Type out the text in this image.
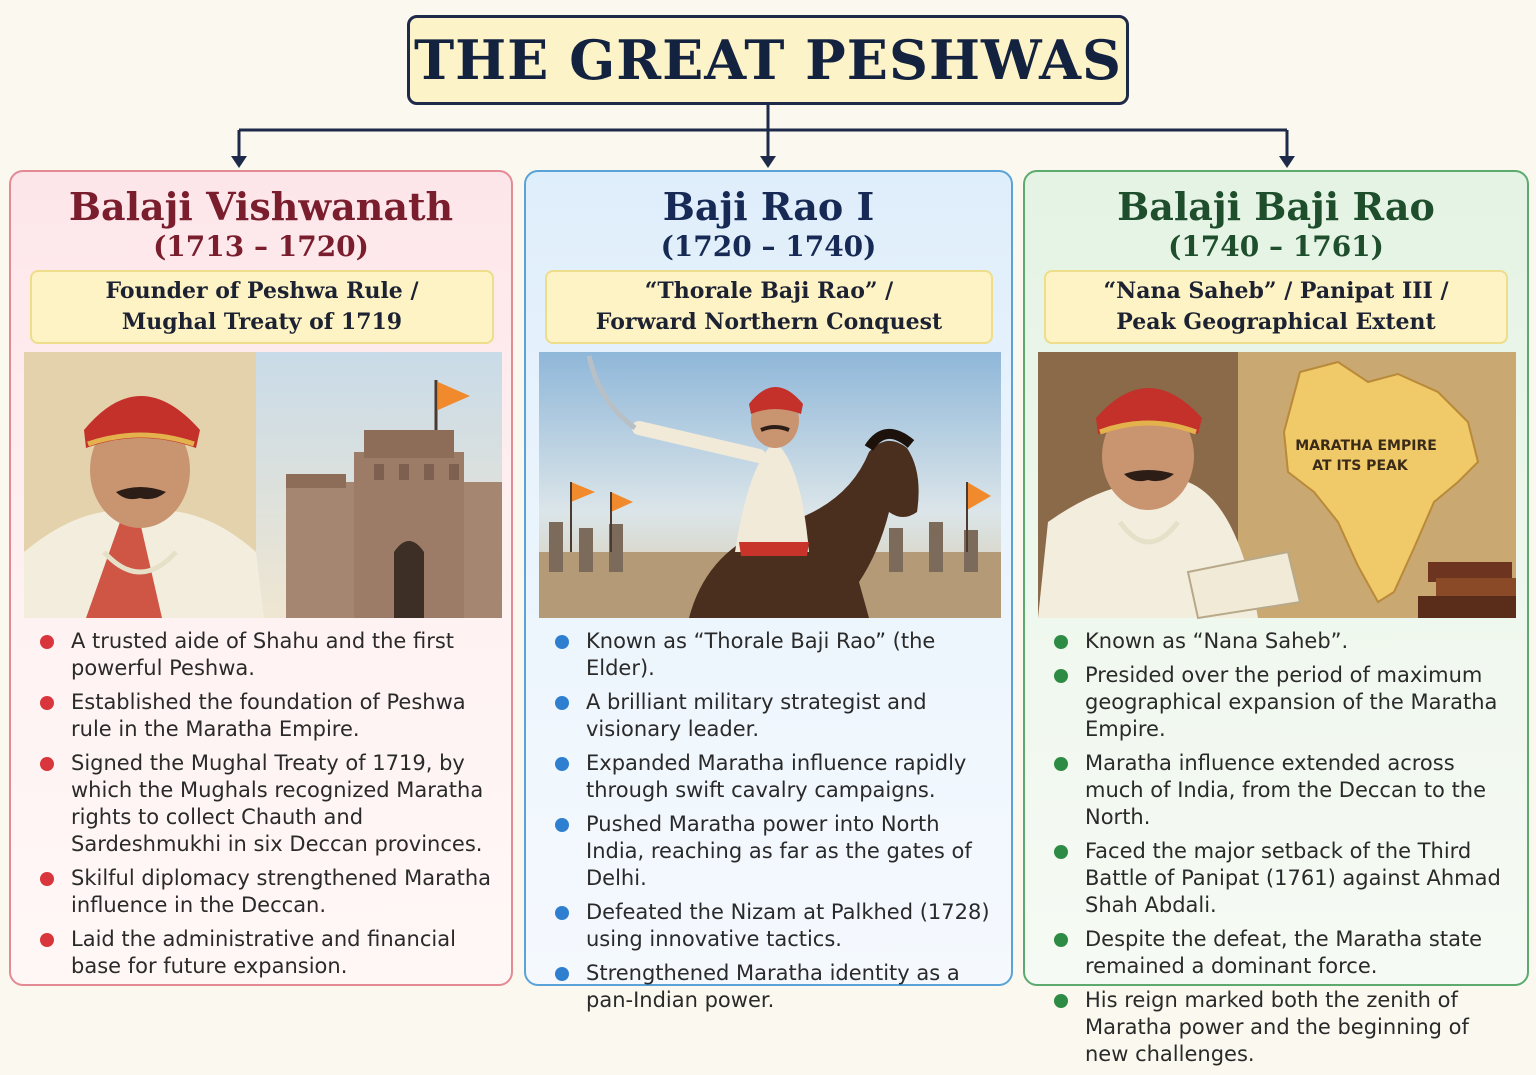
THE GREAT PESHWAS
Balaji Vishwanath
(1713 – 1720)
Founder of Peshwa Rule /
Mughal Treaty of 1719
A trusted aide of Shahu and the first powerful Peshwa.
Established the foundation of Peshwa rule in the Maratha Empire.
Signed the Mughal Treaty of 1719, by which the Mughals recognized Maratha rights to collect Chauth and Sardeshmukhi in six Deccan provinces.
Skilful diplomacy strengthened Maratha influence in the Deccan.
Laid the administrative and financial base for future expansion.
Baji Rao I
(1720 – 1740)
“Thorale Baji Rao” /
Forward Northern Conquest
Known as “Thorale Baji Rao” (the Elder).
A brilliant military strategist and visionary leader.
Expanded Maratha influence rapidly through swift cavalry campaigns.
Pushed Maratha power into North India, reaching as far as the gates of Delhi.
Defeated the Nizam at Palkhed (1728) using innovative tactics.
Strengthened Maratha identity as a pan-Indian power.
Balaji Baji Rao
(1740 – 1761)
“Nana Saheb” / Panipat III /
Peak Geographical Extent
MARATHA EMPIRE
AT ITS PEAK
Known as “Nana Saheb”.
Presided over the period of maximum geographical expansion of the Maratha Empire.
Maratha influence extended across much of India, from the Deccan to the North.
Faced the major setback of the Third Battle of Panipat (1761) against Ahmad Shah Abdali.
Despite the defeat, the Maratha state remained a dominant force.
His reign marked both the zenith of Maratha power and the beginning of new challenges.
